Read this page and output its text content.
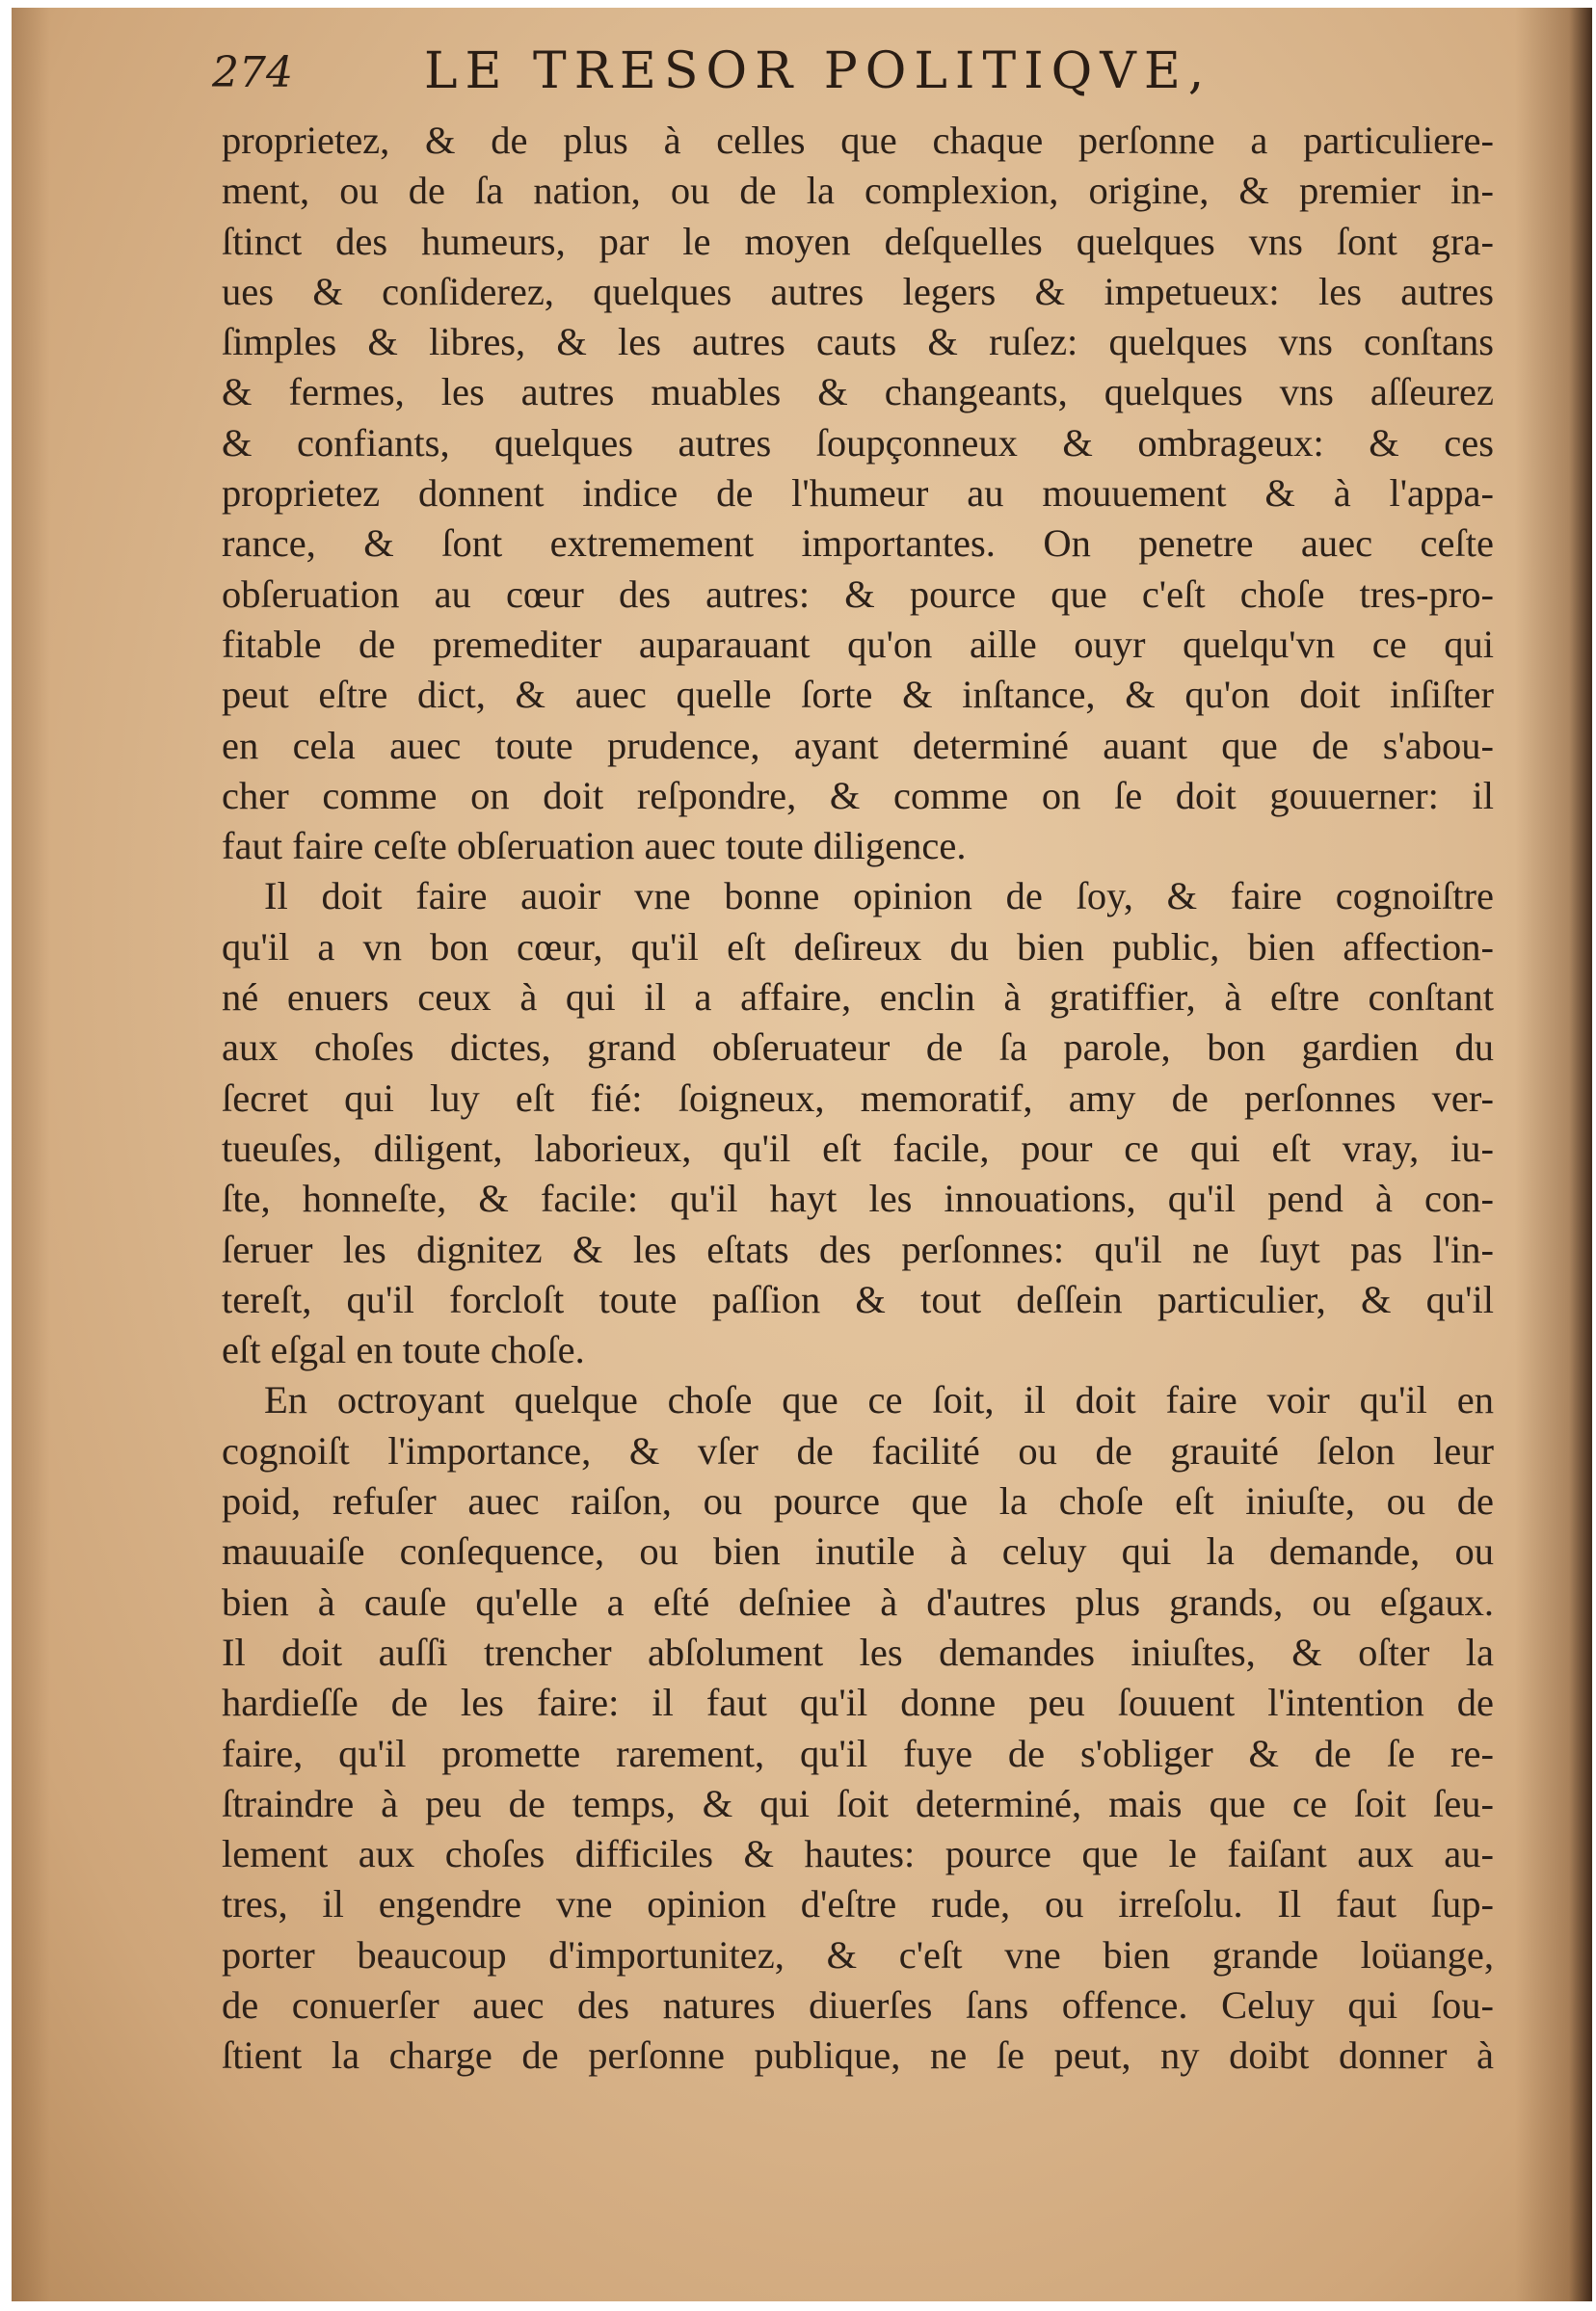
274	LE TRESOR POLITIQVE,
proprietez, & de plus à celles que chaque perſonne a particuliere-
ment, ou de ſa nation, ou de la complexion, origine, & premier in-
ſtinct des humeurs, par le moyen deſquelles quelques vns ſont gra-
ues & conſiderez, quelques autres legers & impetueux: les autres
ſimples & libres, & les autres cauts & ruſez: quelques vns conſtans
& fermes, les autres muables & changeants, quelques vns aſſeurez
& confiants, quelques autres ſoupçonneux & ombrageux: & ces
proprietez donnent indice de l'humeur au mouuement & à l'appa-
rance, & ſont extremement importantes. On penetre auec ceſte
obſeruation au cœur des autres: & pource que c'eſt choſe tres-pro-
fitable de premediter auparauant qu'on aille ouyr quelqu'vn ce qui
peut eſtre dict, & auec quelle ſorte & inſtance, & qu'on doit inſiſter
en cela auec toute prudence, ayant determiné auant que de s'abou-
cher comme on doit reſpondre, & comme on ſe doit gouuerner: il
faut faire ceſte obſeruation auec toute diligence.
Il doit faire auoir vne bonne opinion de ſoy, & faire cognoiſtre
qu'il a vn bon cœur, qu'il eſt deſireux du bien public, bien affection-
né enuers ceux à qui il a affaire, enclin à gratiffier, à eſtre conſtant
aux choſes dictes, grand obſeruateur de ſa parole, bon gardien du
ſecret qui luy eſt fié: ſoigneux, memoratif, amy de perſonnes ver-
tueuſes, diligent, laborieux, qu'il eſt facile, pour ce qui eſt vray, iu-
ſte, honneſte, & facile: qu'il hayt les innouations, qu'il pend à con-
ſeruer les dignitez & les eſtats des perſonnes: qu'il ne ſuyt pas l'in-
tereſt, qu'il forcloſt toute paſſion & tout deſſein particulier, & qu'il
eſt eſgal en toute choſe.
En octroyant quelque choſe que ce ſoit, il doit faire voir qu'il en
cognoiſt l'importance, & vſer de facilité ou de grauité ſelon leur
poid, refuſer auec raiſon, ou pource que la choſe eſt iniuſte, ou de
mauuaiſe conſequence, ou bien inutile à celuy qui la demande, ou
bien à cauſe qu'elle a eſté deſniee à d'autres plus grands, ou eſgaux.
Il doit auſſi trencher abſolument les demandes iniuſtes, & oſter la
hardieſſe de les faire: il faut qu'il donne peu ſouuent l'intention de
faire, qu'il promette rarement, qu'il fuye de s'obliger & de ſe re-
ſtraindre à peu de temps, & qui ſoit determiné, mais que ce ſoit ſeu-
lement aux choſes difficiles & hautes: pource que le faiſant aux au-
tres, il engendre vne opinion d'eſtre rude, ou irreſolu. Il faut ſup-
porter beaucoup d'importunitez, & c'eſt vne bien grande loüange,
de conuerſer auec des natures diuerſes ſans offence. Celuy qui ſou-
ſtient la charge de perſonne publique, ne ſe peut, ny doibt donner à
